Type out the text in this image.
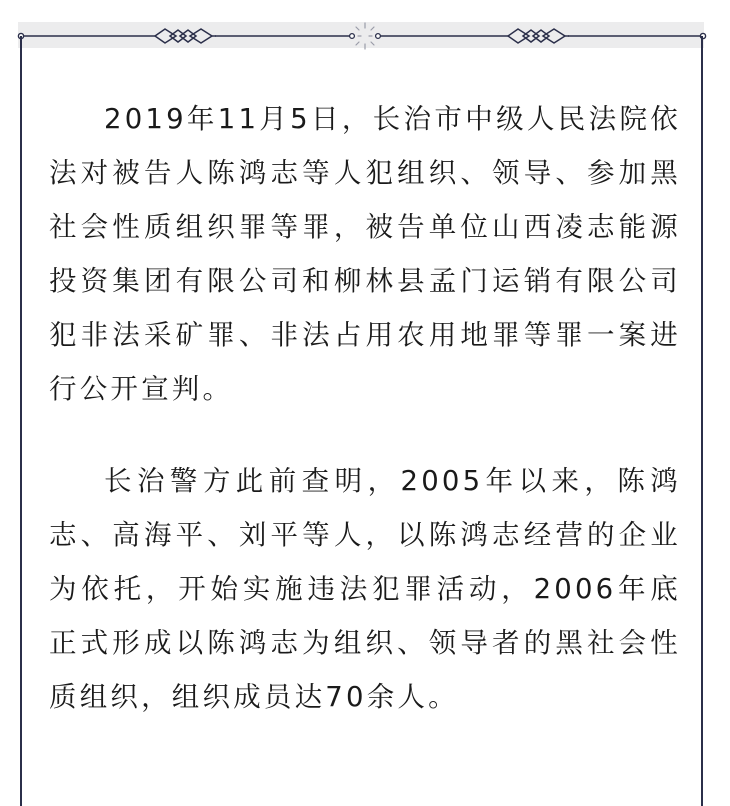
2019年11月5日，长治市中级人民法院依法对被告人陈鸿志等人犯组织、领导、参加黑社会性质组织罪等罪，被告单位山西凌志能源投资集团有限公司和柳林县孟门运销有限公司犯非法采矿罪、非法占用农用地罪等罪一案进行公开宣判。

长治警方此前查明，2005年以来，陈鸿志、高海平、刘平等人，以陈鸿志经营的企业为依托，开始实施违法犯罪活动，2006年底正式形成以陈鸿志为组织、领导者的黑社会性质组织，组织成员达70余人。
